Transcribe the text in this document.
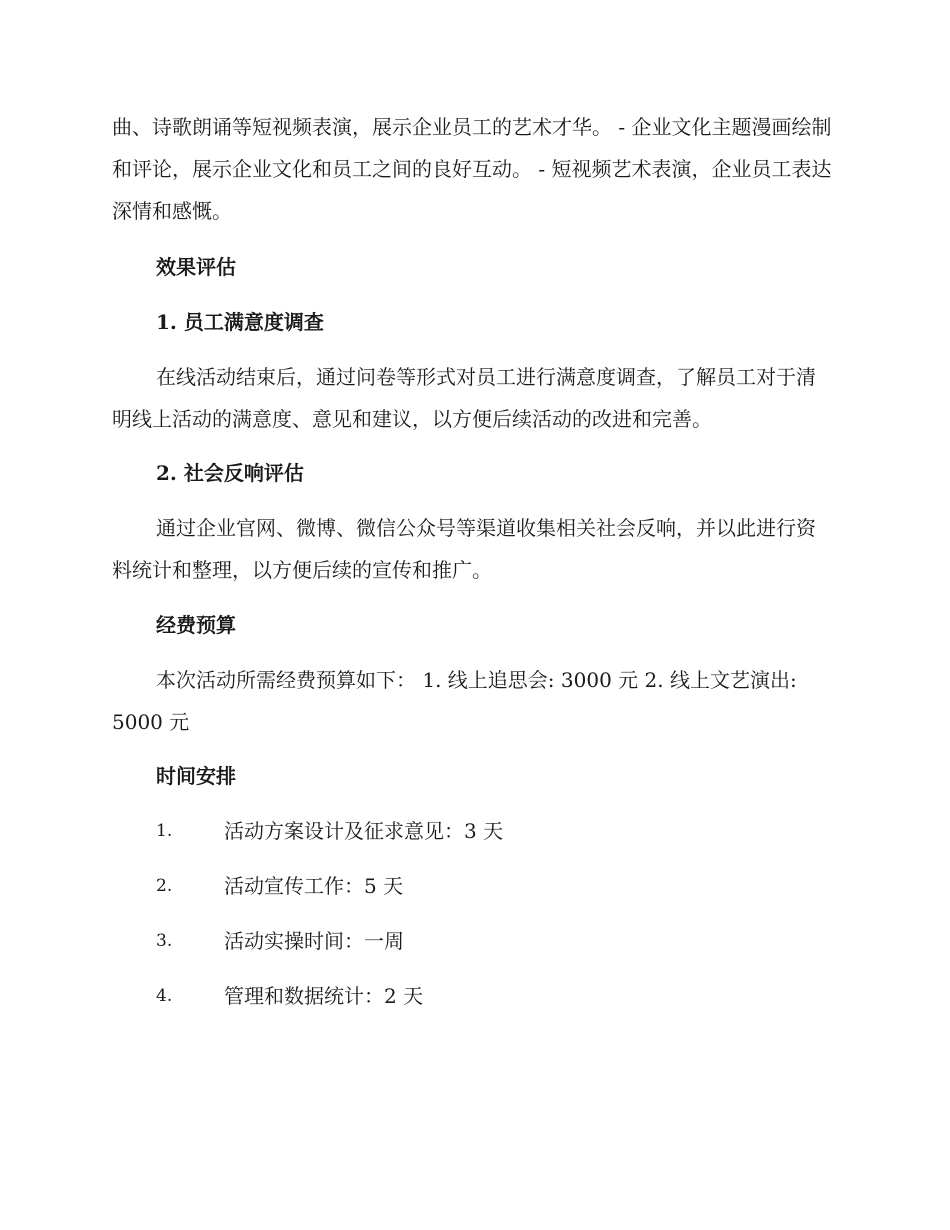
曲、诗歌朗诵等短视频表演，展示企业员工的艺术才华。 - 企业文化主题漫画绘制和评论，展示企业文化和员工之间的良好互动。 - 短视频艺术表演，企业员工表达深情和感慨。

效果评估
1. 员工满意度调查

在线活动结束后，通过问卷等形式对员工进行满意度调查，了解员工对于清明线上活动的满意度、意见和建议，以方便后续活动的改进和完善。

2. 社会反响评估

通过企业官网、微博、微信公众号等渠道收集相关社会反响，并以此进行资料统计和整理，以方便后续的宣传和推广。

经费预算

本次活动所需经费预算如下： 1. 线上追思会: 3000 元 2. 线上文艺演出: 5000 元

时间安排
1.	活动方案设计及征求意见：3 天
2.	活动宣传工作：5 天
3.	活动实操时间：一周
4.	管理和数据统计：2 天
